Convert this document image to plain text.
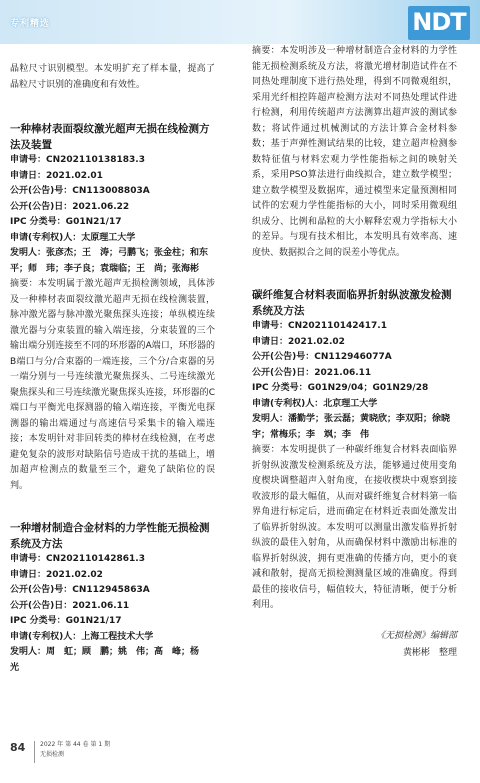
专利精选	NDT

晶粒尺寸识别模型。本发明扩充了样本量，提高了晶粒尺寸识别的准确度和有效性。

一种棒材表面裂纹激光超声无损在线检测方法及装置

申请号：CN202110138183.3

申请日：2021.02.01

公开(公告)号：CN113008803A

公开(公告)日：2021.06.22

IPC 分类号：G01N21/17

申请(专利权)人：太原理工大学

发明人：张彦杰；王　涛；弓鹏飞；张金柱；和东平；师　玮；李子良；袁瑞临；王　尚；张海彬

摘要：本发明属于激光超声无损检测领域，具体涉及一种棒材表面裂纹激光超声无损在线检测装置，脉冲激光器与脉冲激光聚焦探头连接；单纵模连续激光器与分束装置的输入端连接，分束装置的三个输出端分别连接至不同的环形器的A端口，环形器的B端口与分/合束器的一端连接，三个分/合束器的另一端分别与一号连续激光聚焦探头、二号连续激光聚焦探头和三号连续激光聚焦探头连接，环形器的C端口与平衡光电探测器的输入端连接，平衡光电探测器的输出端通过与高速信号采集卡的输入端连接；本发明针对非回转类的棒材在线检测，在考虑避免复杂的波形对缺陷信号造成干扰的基础上，增加超声检测点的数量至三个，避免了缺陷位的误判。

一种增材制造合金材料的力学性能无损检测系统及方法

申请号：CN202110142861.3

申请日：2021.02.02

公开(公告)号：CN112945863A

公开(公告)日：2021.06.11

IPC 分类号：G01N21/17

申请(专利权)人：上海工程技术大学

发明人：周　虹；顾　鹏；姚　伟；高　峰；杨　光

摘要：本发明涉及一种增材制造合金材料的力学性能无损检测系统及方法，将激光增材制造试件在不同热处理制度下进行热处理，得到不同微观组织，采用光纤相控阵超声检测方法对不同热处理试件进行检测，利用传统超声方法测算出超声波的测试参数；将试件通过机械测试的方法计算合金材料参数；基于声弹性测试结果的比较，建立超声检测参数特征值与材料宏观力学性能指标之间的映射关系，采用PSO算法进行曲线拟合，建立数学模型；建立数学模型及数据库，通过模型来定量预测相同试件的宏观力学性能指标的大小，同时采用微观组织成分、比例和晶粒的大小解释宏观力学指标大小的差异。与现有技术相比，本发明具有效率高、速度快、数据拟合之间的误差小等优点。

碳纤维复合材料表面临界折射纵波激发检测系统及方法

申请号：CN202110142417.1

申请日：2021.02.02

公开(公告)号：CN112946077A

公开(公告)日：2021.06.11

IPC 分类号：G01N29/04；G01N29/28

申请(专利权)人：北京理工大学

发明人：潘勤学；张云磊；黄晓欣；李双阳；徐晓宇；常梅乐；李　飒；李　伟

摘要：本发明提供了一种碳纤维复合材料表面临界折射纵波激发检测系统及方法，能够通过使用变角度楔块调整超声入射角度，在接收楔块中观察到接收波形的最大幅值，从而对碳纤维复合材料第一临界角进行标定后，进而确定在材料近表面处激发出了临界折射纵波。本发明可以测量出激发临界折射纵波的最佳入射角，从而确保材料中激励出标准的临界折射纵波，拥有更准确的传播方向，更小的衰减和散射，提高无损检测测量区域的准确度。得到最佳的接收信号，幅值较大，特征清晰，便于分析利用。

《无损检测》编辑部

黄彬彬　整理

84 2022 年 第 44 卷 第 1 期
无损检测
